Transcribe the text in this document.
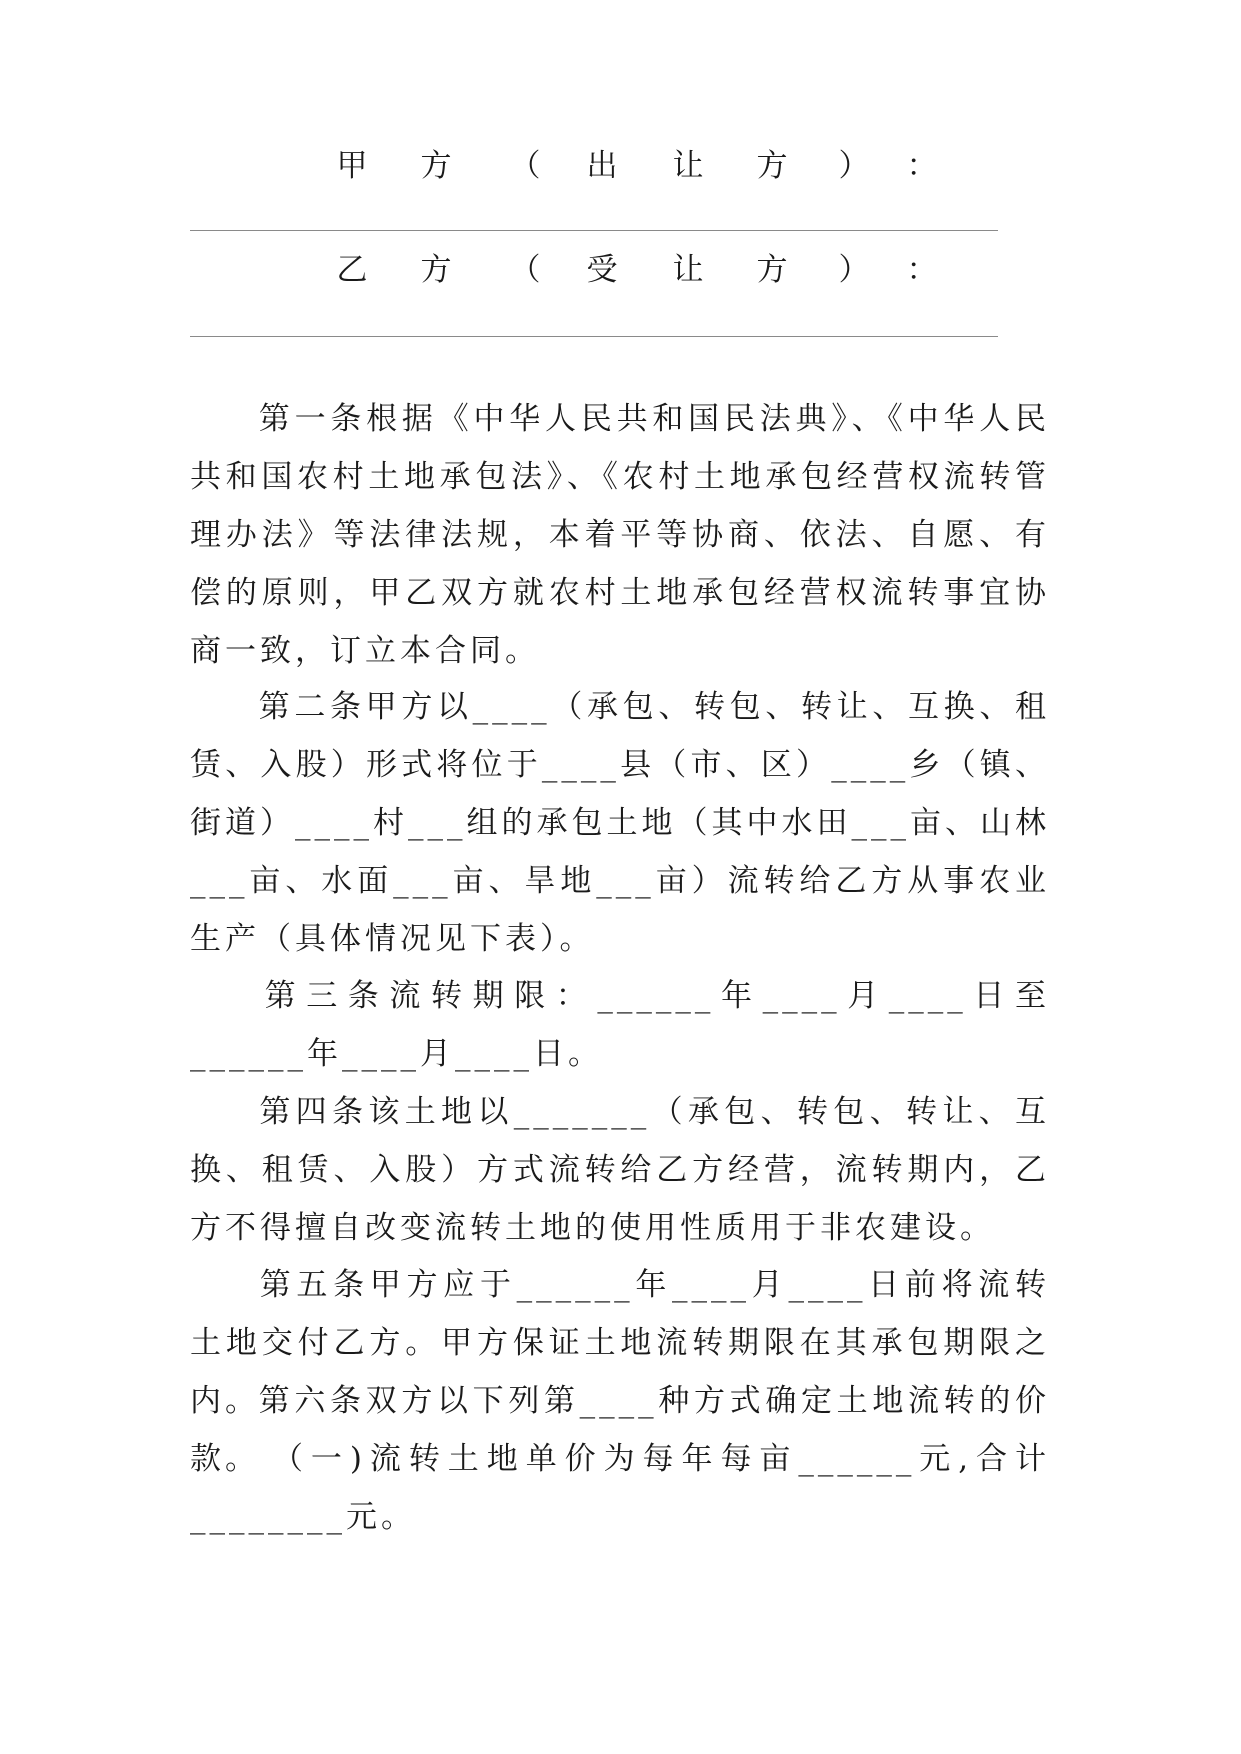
甲 方 （ 出 让 方 ） ：
乙 方 （ 受 让 方 ） ：
第一条根据《中华人民共和国民法典》、《中华人民共和国农村土地承包法》、《农村土地承包经营权流转管理办法》等法律法规，本着平等协商、依法、自愿、有偿的原则，甲乙双方就农村土地承包经营权流转事宜协商一致，订立本合同。
第二条甲方以____（承包、转包、转让、互换、租赁、入股）形式将位于____县（市、区）____乡（镇、街道）____村___组的承包土地（其中水田___亩、山林___亩、水面___亩、旱地___亩）流转给乙方从事农业生产（具体情况见下表）。
第三条流转期限：______年____月____日至______年____月____日。
第四条该土地以_______（承包、转包、转让、互换、租赁、入股）方式流转给乙方经营，流转期内，乙方不得擅自改变流转土地的使用性质用于非农建设。
第五条甲方应于______年____月____日前将流转土地交付乙方。甲方保证土地流转期限在其承包期限之内。
第六条双方以下列第____种方式确定土地流转的价款。 （一)流转土地单价为每年每亩______元,合计________元。
